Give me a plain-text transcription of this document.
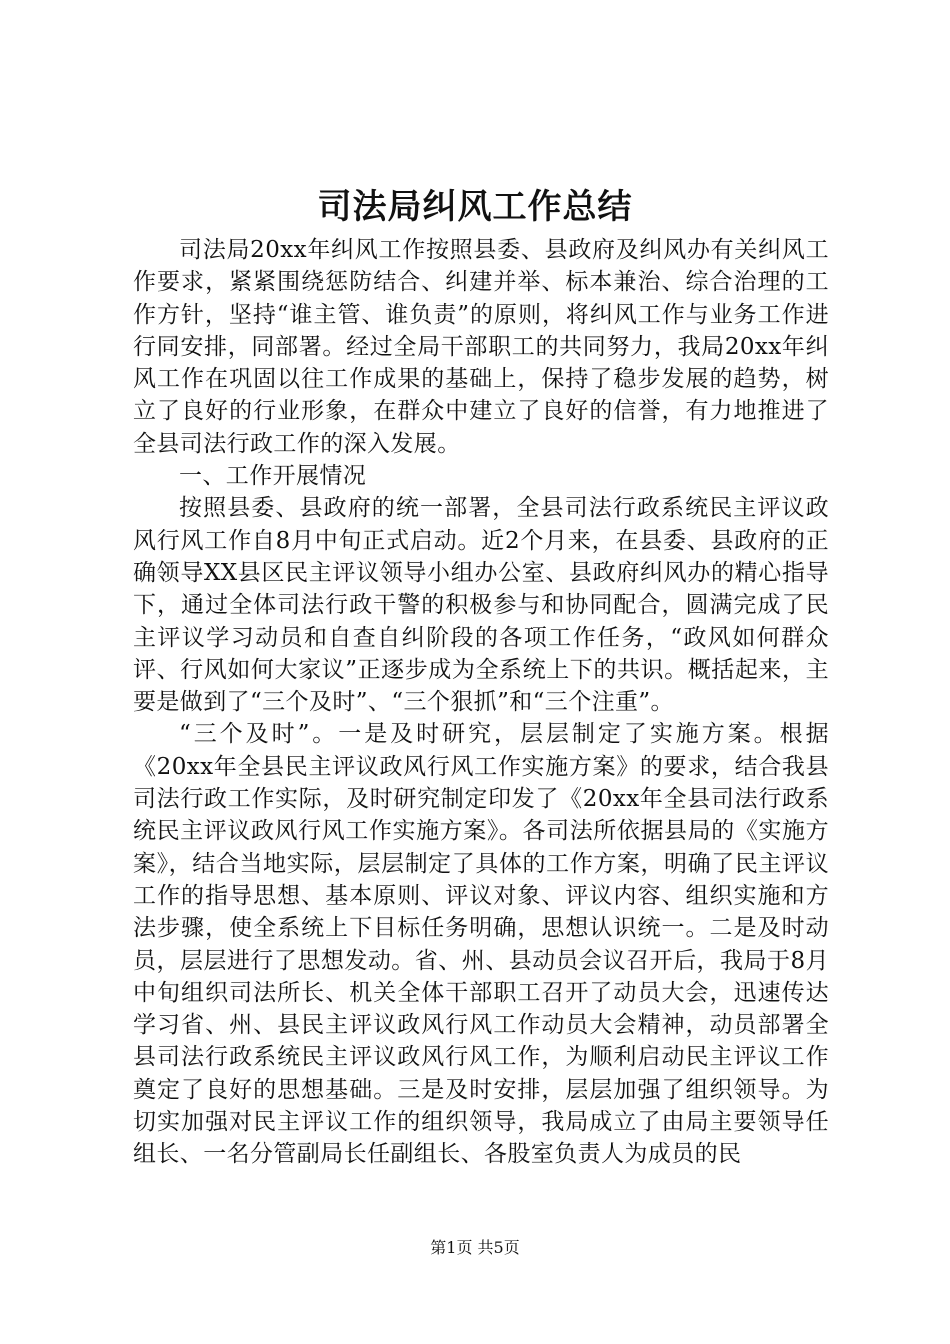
司法局纠风工作总结

司法局20xx年纠风工作按照县委、县政府及纠风办有关纠风工作要求，紧紧围绕惩防结合、纠建并举、标本兼治、综合治理的工作方针，坚持“谁主管、谁负责”的原则，将纠风工作与业务工作进行同安排，同部署。经过全局干部职工的共同努力，我局20xx年纠风工作在巩固以往工作成果的基础上，保持了稳步发展的趋势，树立了良好的行业形象，在群众中建立了良好的信誉，有力地推进了全县司法行政工作的深入发展。

一、工作开展情况

按照县委、县政府的统一部署，全县司法行政系统民主评议政风行风工作自8月中旬正式启动。近2个月来，在县委、县政府的正确领导XX县区民主评议领导小组办公室、县政府纠风办的精心指导下，通过全体司法行政干警的积极参与和协同配合，圆满完成了民主评议学习动员和自查自纠阶段的各项工作任务，“政风如何群众评、行风如何大家议”正逐步成为全系统上下的共识。概括起来，主要是做到了“三个及时”、“三个狠抓”和“三个注重”。

“三个及时”。一是及时研究，层层制定了实施方案。根据《20xx年全县民主评议政风行风工作实施方案》的要求，结合我县司法行政工作实际，及时研究制定印发了《20xx年全县司法行政系统民主评议政风行风工作实施方案》。各司法所依据县局的《实施方案》，结合当地实际，层层制定了具体的工作方案，明确了民主评议工作的指导思想、基本原则、评议对象、评议内容、组织实施和方法步骤，使全系统上下目标任务明确，思想认识统一。二是及时动员，层层进行了思想发动。省、州、县动员会议召开后，我局于8月中旬组织司法所长、机关全体干部职工召开了动员大会，迅速传达学习省、州、县民主评议政风行风工作动员大会精神，动员部署全县司法行政系统民主评议政风行风工作，为顺利启动民主评议工作奠定了良好的思想基础。三是及时安排，层层加强了组织领导。为切实加强对民主评议工作的组织领导，我局成立了由局主要领导任组长、一名分管副局长任副组长、各股室负责人为成员的民

第1页 共5页
